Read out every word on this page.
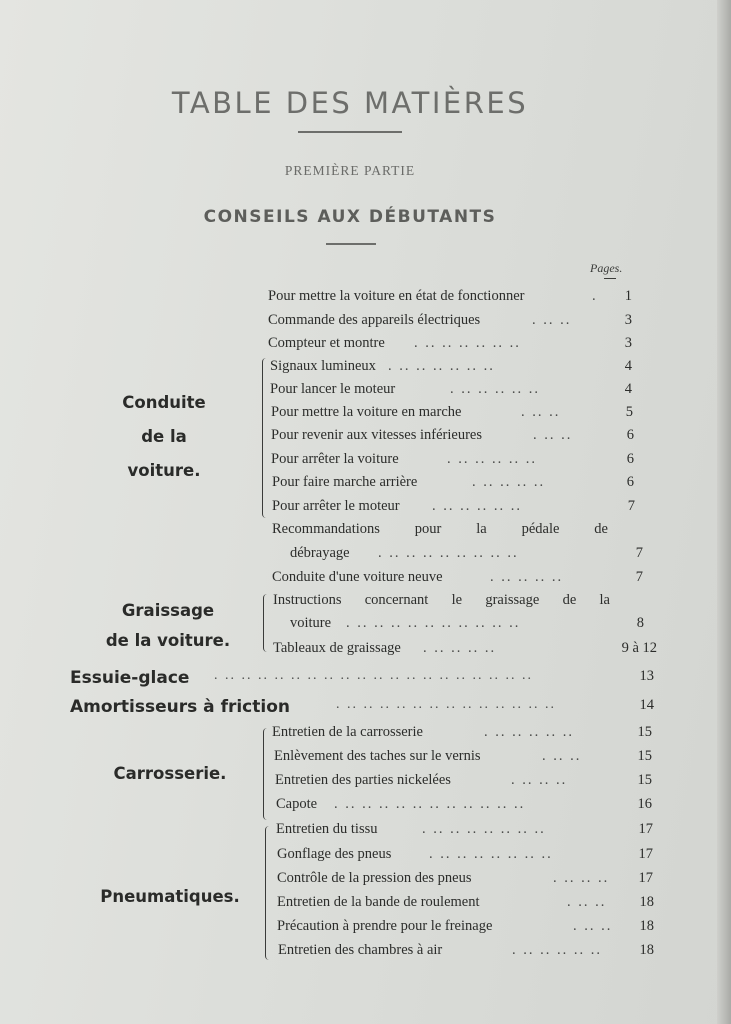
TABLE DES MATIÈRES
PREMIÈRE PARTIE
CONSEILS AUX DÉBUTANTS
Pages.
Conduite
de la
voiture.
Graissage
de la voiture.
Carrosserie.
Pneumatiques.
Pour mettre la voiture en état de fonctionner	.	1
Commande des appareils électriques	. .. ..	3
Compteur et montre . .. .. .. .. .. ..	3
Signaux lumineux . .. .. .. .. .. ..	4
Pour lancer le moteur	. .. .. .. .. ..	4
Pour mettre la voiture en marche	. .. ..	5
Pour revenir aux vitesses inférieures	. .. ..	6
Pour arrêter la voiture	. .. .. .. .. ..	6
Pour faire marche arrière	. .. .. .. ..	6
Pour arrêter le moteur . .. .. .. .. ..	7
Recommandations pour la pédale de
débrayage . .. .. .. .. .. .. .. ..	7
Conduite d'une voiture neuve	. .. .. .. ..	7
Instructions concernant le graissage de la
voiture . .. .. .. .. .. .. .. .. .. ..	8
Tableaux de graissage . .. .. .. ..	9 à 12
Essuie-glace . .. .. .. .. .. .. .. .. .. .. .. .. .. .. .. .. .. .. ..	13
Amortisseurs à friction	. .. .. .. .. .. .. .. .. .. .. .. .. ..	14
Entretien de la carrosserie	. .. .. .. .. ..	15
Enlèvement des taches sur le vernis	. .. ..	15
Entretien des parties nickelées	. .. .. ..	15
Capote . .. .. .. .. .. .. .. .. .. .. ..	16
Entretien du tissu	. .. .. .. .. .. .. ..	17
Gonflage des pneus	. .. .. .. .. .. .. ..	17
Contrôle de la pression des pneus	. .. .. ..	17
Entretien de la bande de roulement	. .. ..	18
Précaution à prendre pour le freinage	. .. ..	18
Entretien des chambres à air	. .. .. .. .. ..	18
